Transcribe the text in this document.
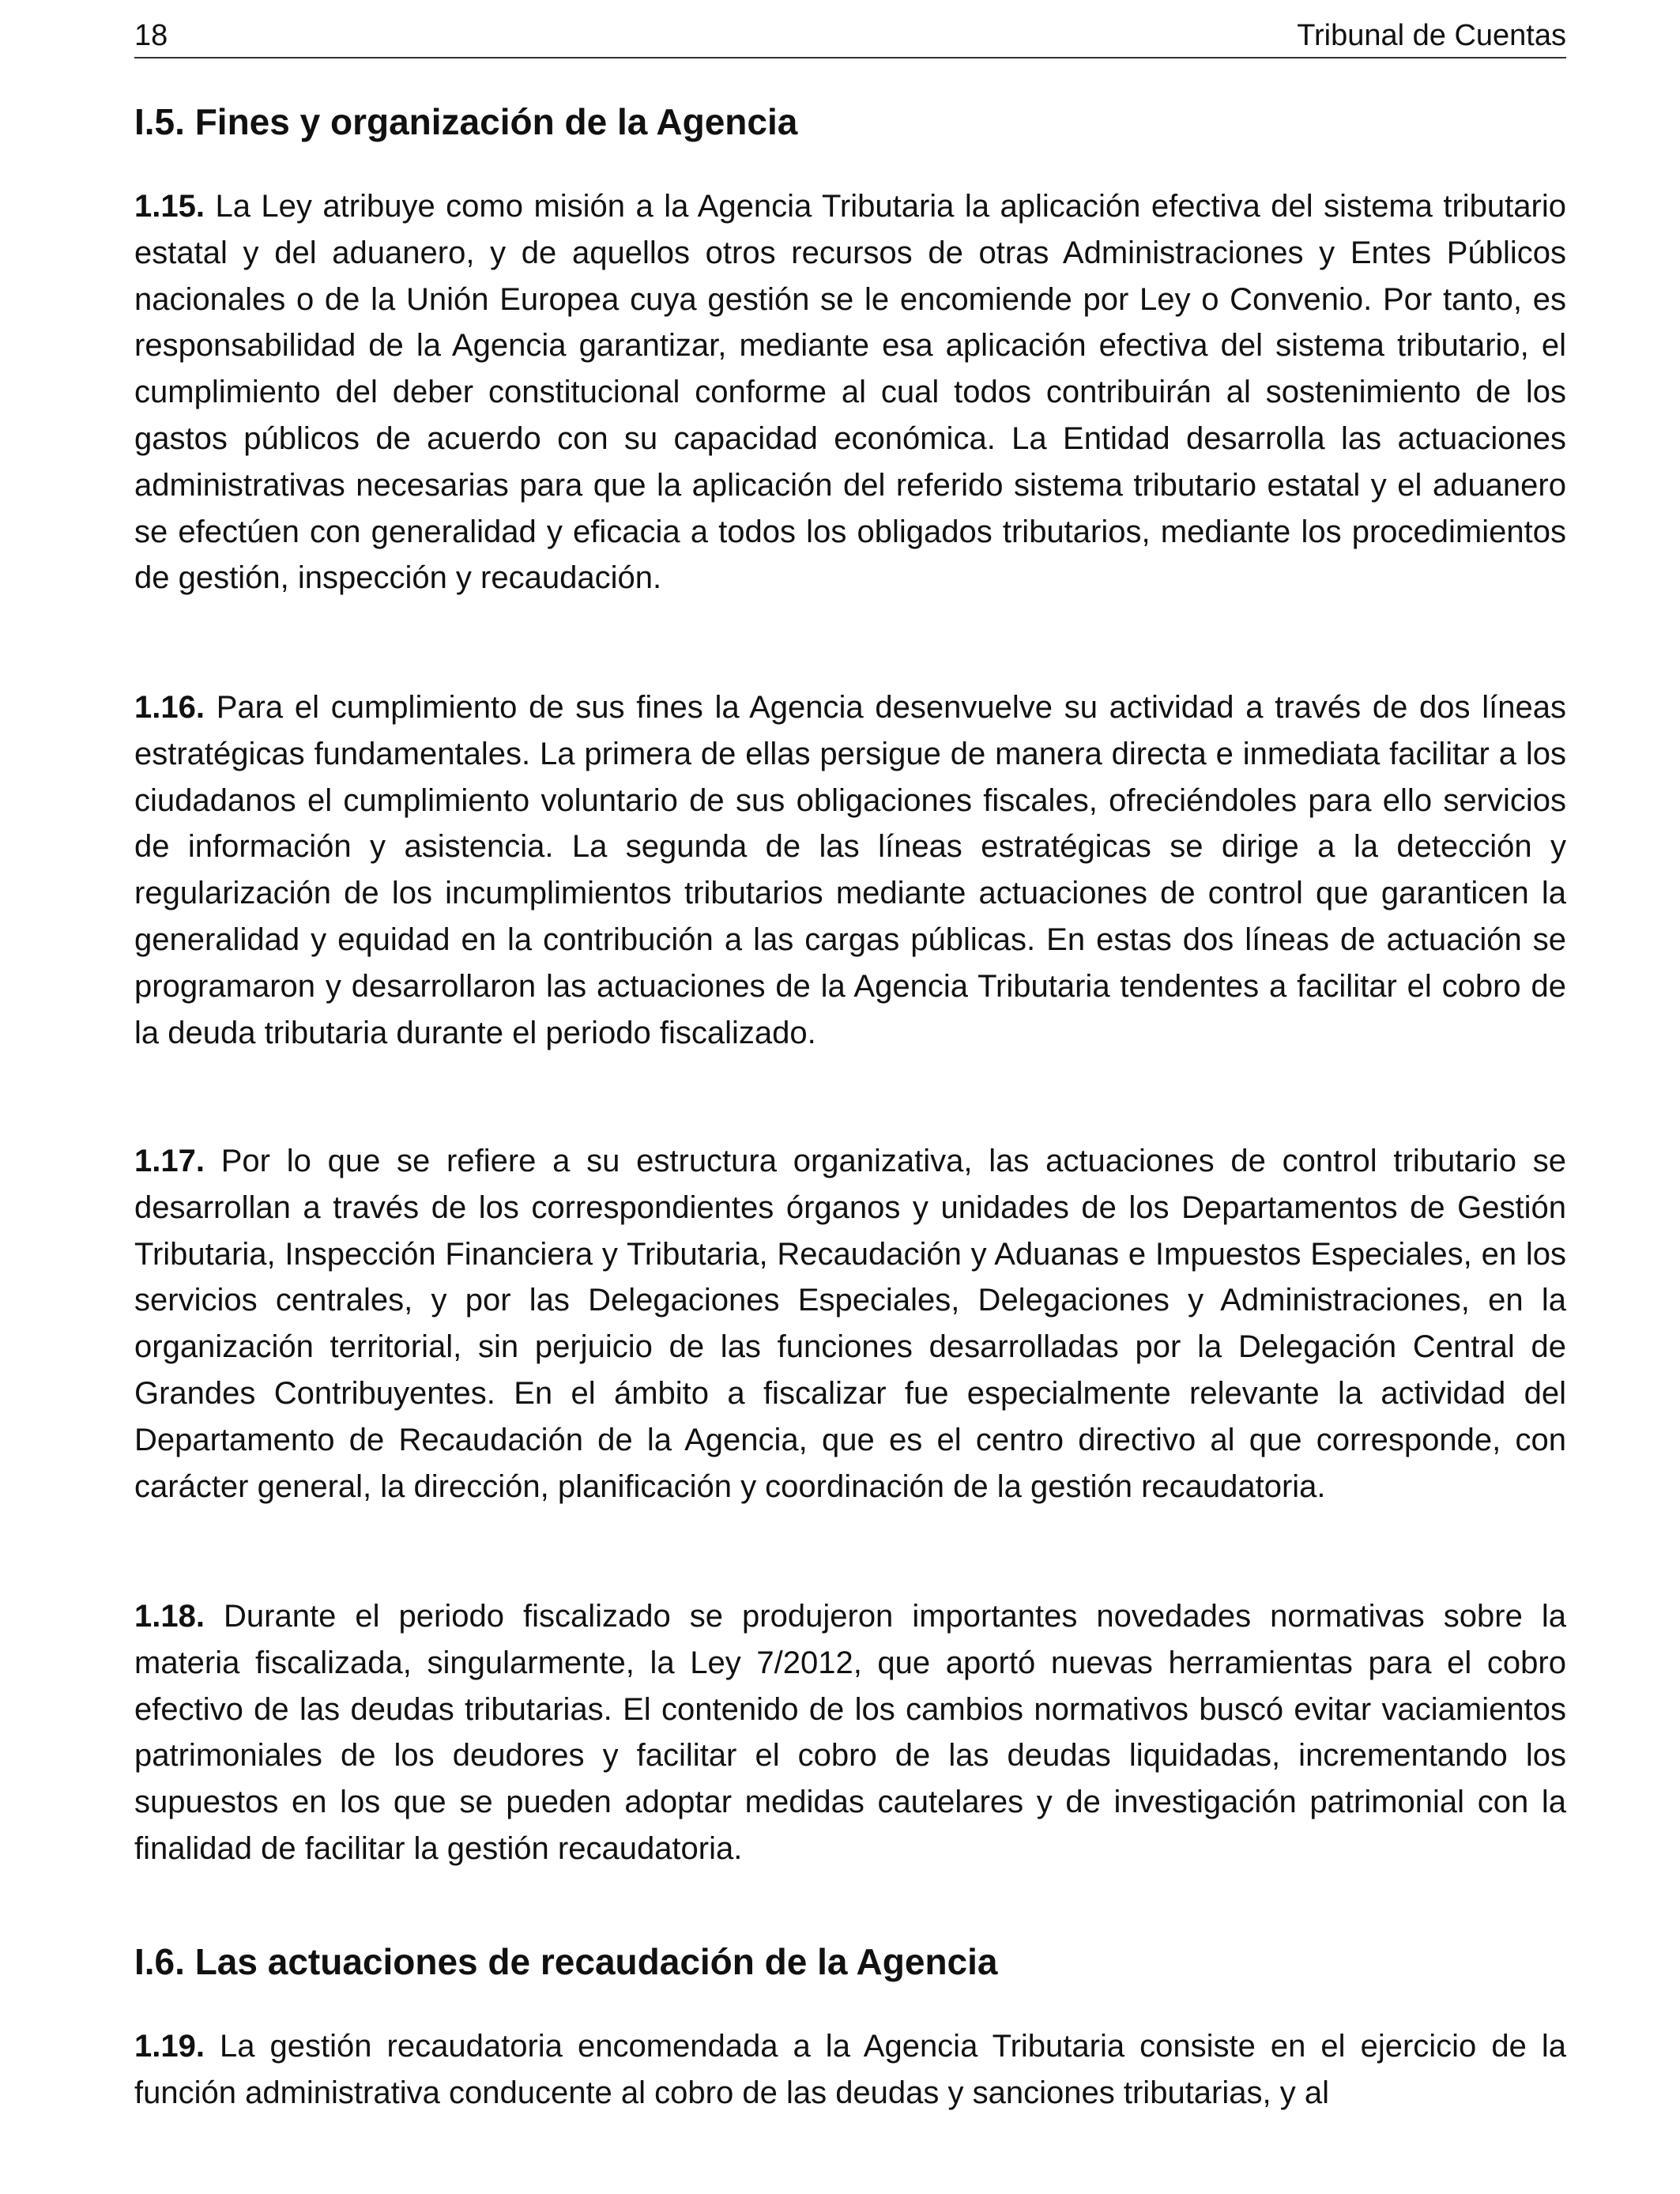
18	Tribunal de Cuentas
I.5. Fines y organización de la Agencia

1.15. La Ley atribuye como misión a la Agencia Tributaria la aplicación efectiva del sistema tributario estatal y del aduanero, y de aquellos otros recursos de otras Administraciones y Entes Públicos nacionales o de la Unión Europea cuya gestión se le encomiende por Ley o Convenio. Por tanto, es responsabilidad de la Agencia garantizar, mediante esa aplicación efectiva del sistema tributario, el cumplimiento del deber constitucional conforme al cual todos contribuirán al sostenimiento de los gastos públicos de acuerdo con su capacidad económica. La Entidad desarrolla las actuaciones administrativas necesarias para que la aplicación del referido sistema tributario estatal y el aduanero se efectúen con generalidad y eficacia a todos los obligados tributarios, mediante los procedimientos de gestión, inspección y recaudación.

1.16. Para el cumplimiento de sus fines la Agencia desenvuelve su actividad a través de dos líneas estratégicas fundamentales. La primera de ellas persigue de manera directa e inmediata facilitar a los ciudadanos el cumplimiento voluntario de sus obligaciones fiscales, ofreciéndoles para ello servicios de información y asistencia. La segunda de las líneas estratégicas se dirige a la detección y regularización de los incumplimientos tributarios mediante actuaciones de control que garanticen la generalidad y equidad en la contribución a las cargas públicas. En estas dos líneas de actuación se programaron y desarrollaron las actuaciones de la Agencia Tributaria tendentes a facilitar el cobro de la deuda tributaria durante el periodo fiscalizado.

1.17. Por lo que se refiere a su estructura organizativa, las actuaciones de control tributario se desarrollan a través de los correspondientes órganos y unidades de los Departamentos de Gestión Tributaria, Inspección Financiera y Tributaria, Recaudación y Aduanas e Impuestos Especiales, en los servicios centrales, y por las Delegaciones Especiales, Delegaciones y Administraciones, en la organización territorial, sin perjuicio de las funciones desarrolladas por la Delegación Central de Grandes Contribuyentes. En el ámbito a fiscalizar fue especialmente relevante la actividad del Departamento de Recaudación de la Agencia, que es el centro directivo al que corresponde, con carácter general, la dirección, planificación y coordinación de la gestión recaudatoria.

1.18. Durante el periodo fiscalizado se produjeron importantes novedades normativas sobre la materia fiscalizada, singularmente, la Ley 7/2012, que aportó nuevas herramientas para el cobro efectivo de las deudas tributarias. El contenido de los cambios normativos buscó evitar vaciamientos patrimoniales de los deudores y facilitar el cobro de las deudas liquidadas, incrementando los supuestos en los que se pueden adoptar medidas cautelares y de investigación patrimonial con la finalidad de facilitar la gestión recaudatoria.

I.6. Las actuaciones de recaudación de la Agencia

1.19. La gestión recaudatoria encomendada a la Agencia Tributaria consiste en el ejercicio de la función administrativa conducente al cobro de las deudas y sanciones tributarias, y al
